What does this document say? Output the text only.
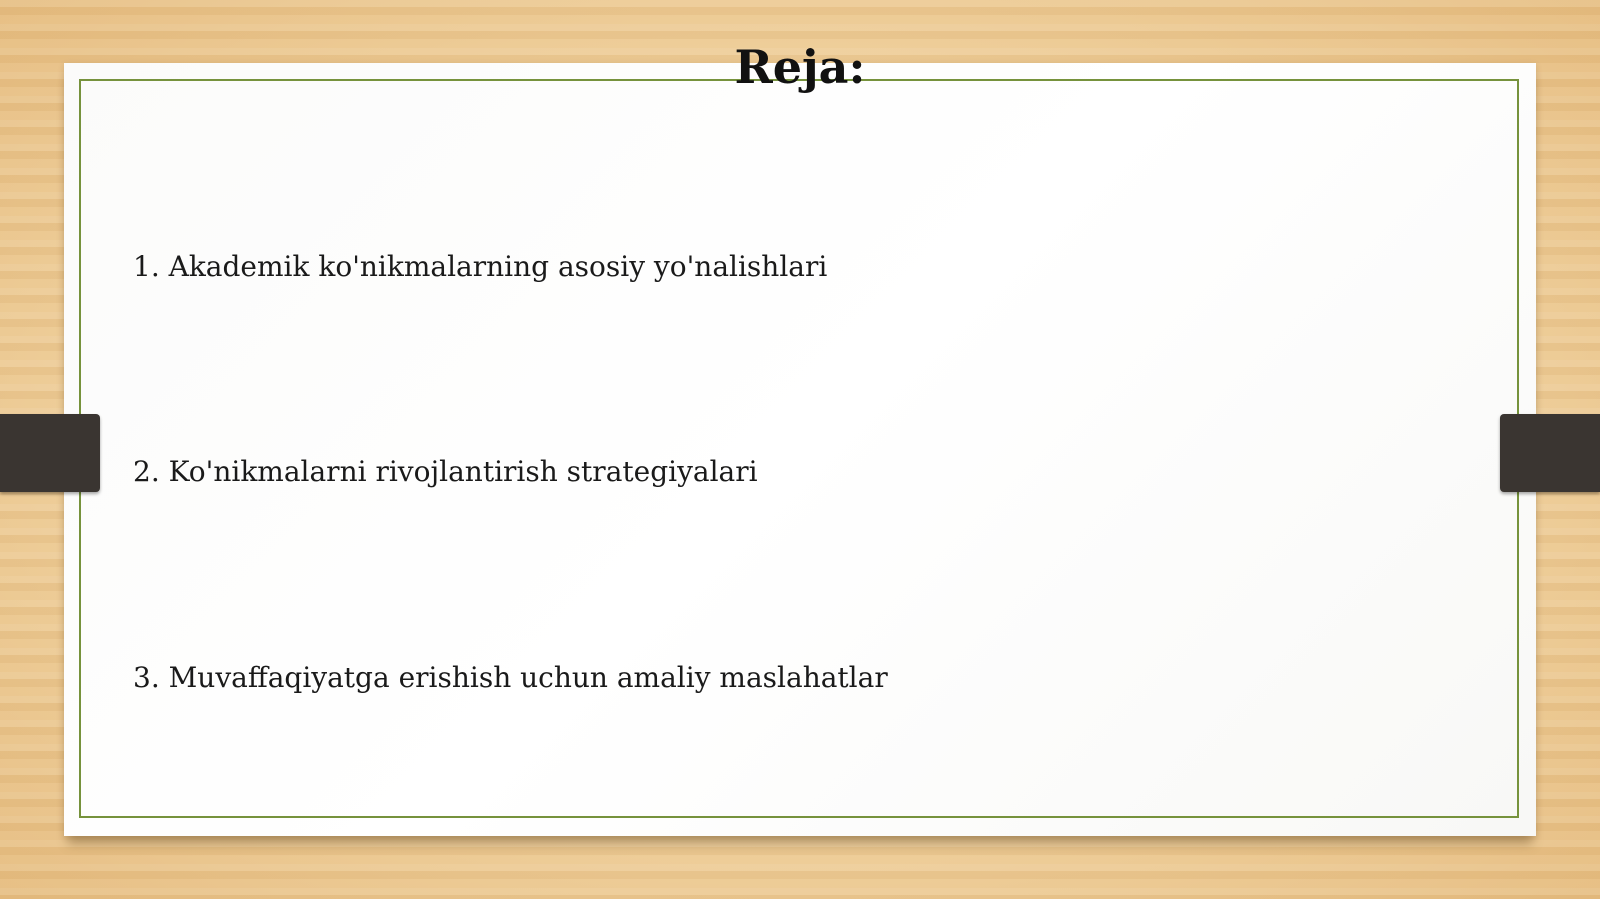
Reja:
1. Akademik ko'nikmalarning asosiy yo'nalishlari
2. Ko'nikmalarni rivojlantirish strategiyalari
3. Muvaffaqiyatga erishish uchun amaliy maslahatlar
